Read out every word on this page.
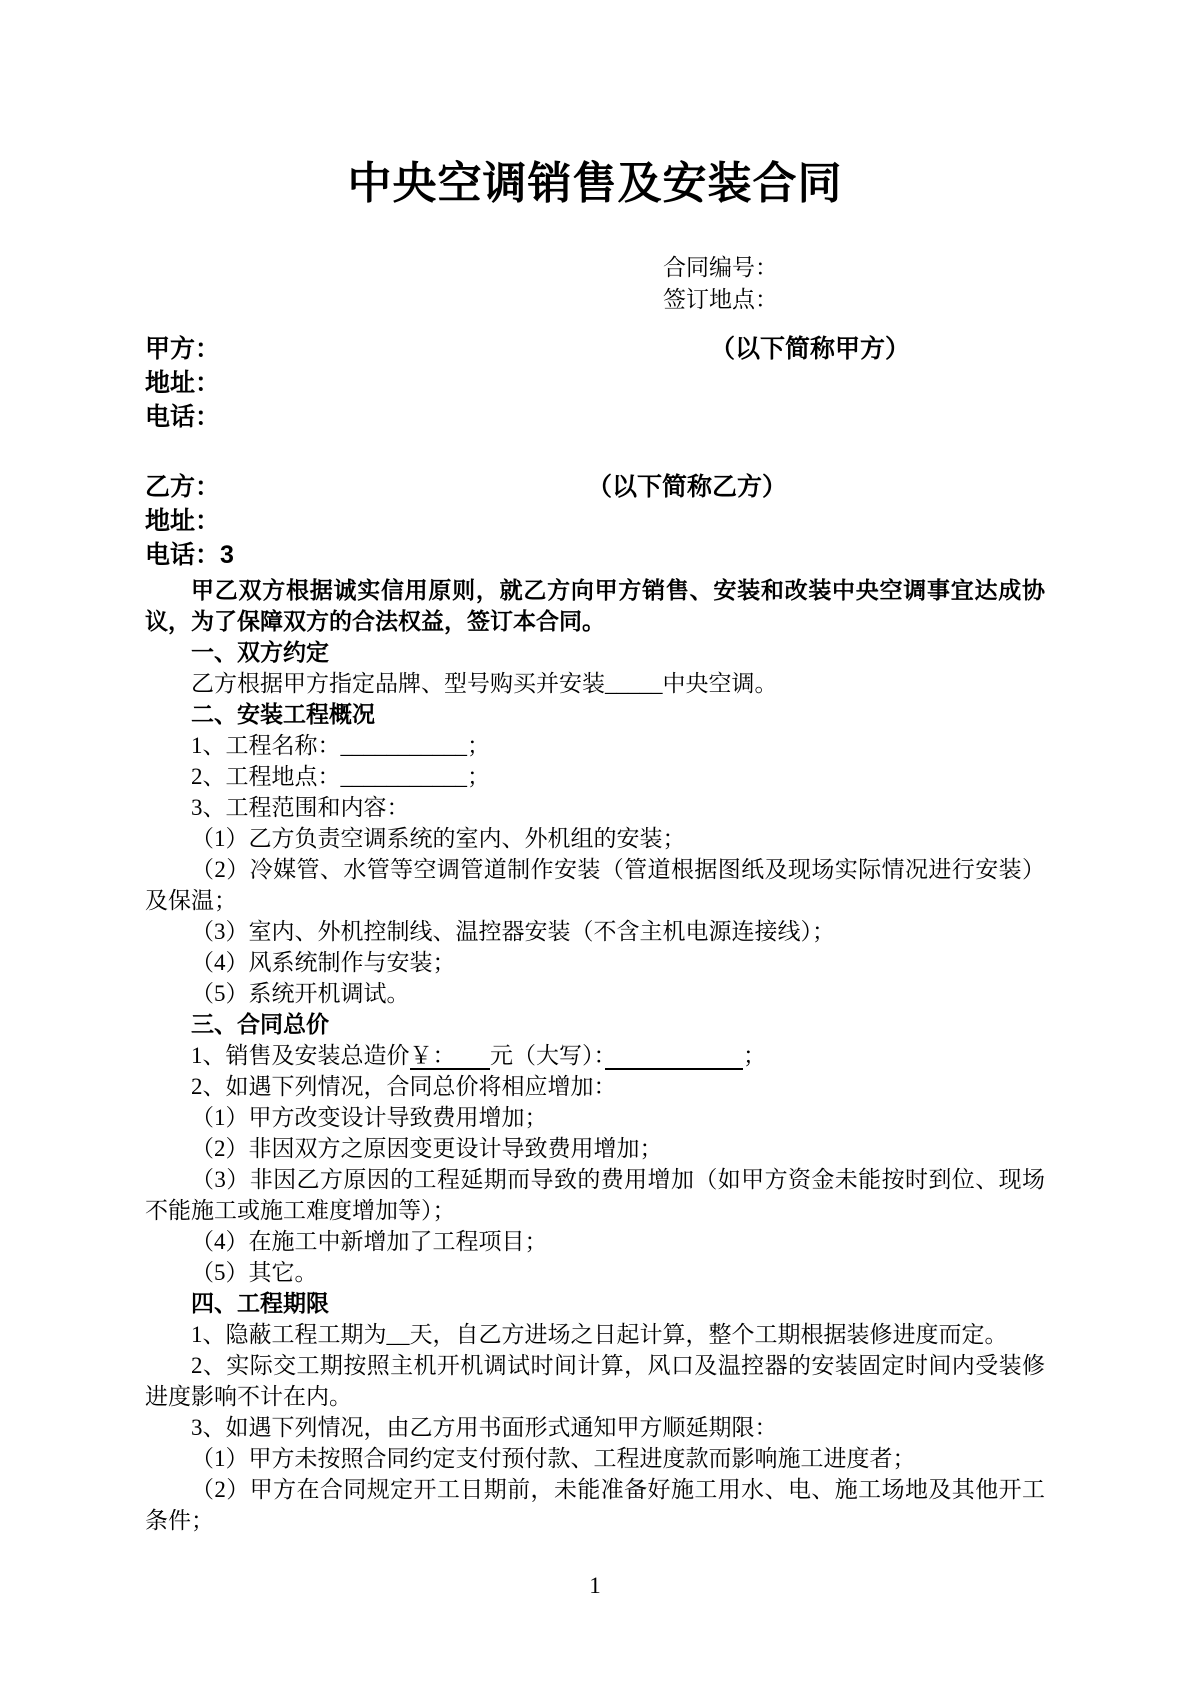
中央空调销售及安装合同

合同编号：

签订地点：

甲方：	（以下简称甲方）

地址：

电话：

乙方：	（以下简称乙方）

地址：

电话：3

甲乙双方根据诚实信用原则，就乙方向甲方销售、安装和改装中央空调事宜达成协议，为了保障双方的合法权益，签订本合同。

一、双方约定

乙方根据甲方指定品牌、型号购买并安装_____中央空调。

二、安装工程概况

1、工程名称：___________；

2、工程地点：___________；

3、工程范围和内容：

（1）乙方负责空调系统的室内、外机组的安装；

（2）冷媒管、水管等空调管道制作安装（管道根据图纸及现场实际情况进行安装）及保温；

（3）室内、外机控制线、温控器安装（不含主机电源连接线）；

（4）风系统制作与安装；

（5）系统开机调试。

三、合同总价

1、销售及安装总造价￥：　　元（大写）：　　　　　　	；

2、如遇下列情况，合同总价将相应增加：

（1）甲方改变设计导致费用增加；

（2）非因双方之原因变更设计导致费用增加；

（3）非因乙方原因的工程延期而导致的费用增加（如甲方资金未能按时到位、现场不能施工或施工难度增加等）；

（4）在施工中新增加了工程项目；

（5）其它。

四、工程期限

1、隐蔽工程工期为__天，自乙方进场之日起计算，整个工期根据装修进度而定。

2、实际交工期按照主机开机调试时间计算，风口及温控器的安装固定时间内受装修进度影响不计在内。

3、如遇下列情况，由乙方用书面形式通知甲方顺延期限：

（1）甲方未按照合同约定支付预付款、工程进度款而影响施工进度者；

（2）甲方在合同规定开工日期前，未能准备好施工用水、电、施工场地及其他开工条件；

1
